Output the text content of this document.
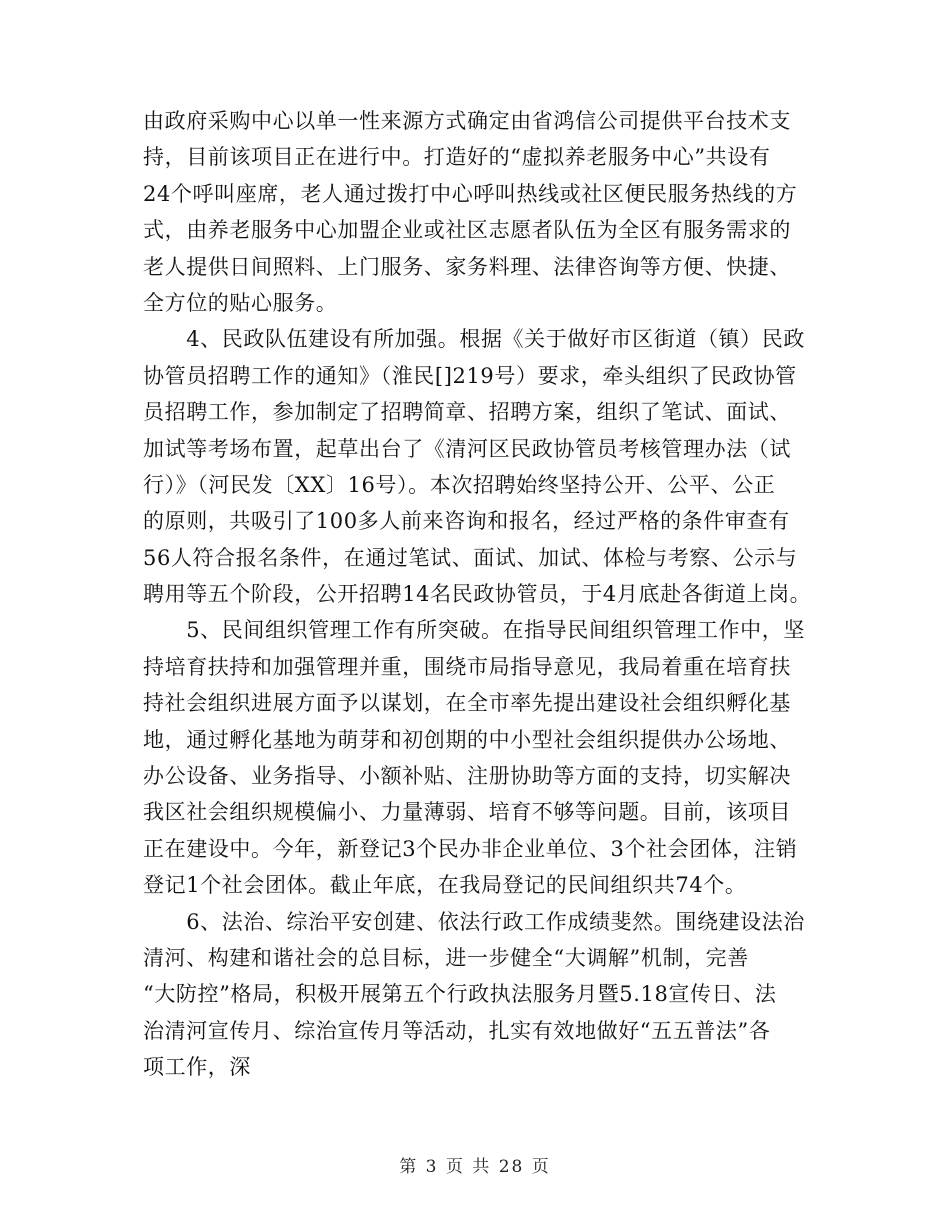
由政府采购中心以单一性来源方式确定由省鸿信公司提供平台技术支
持，目前该项目正在进行中。打造好的“虚拟养老服务中心”共设有
24个呼叫座席，老人通过拨打中心呼叫热线或社区便民服务热线的方
式，由养老服务中心加盟企业或社区志愿者队伍为全区有服务需求的
老人提供日间照料、上门服务、家务料理、法律咨询等方便、快捷、
全方位的贴心服务。
　　4、民政队伍建设有所加强。根据《关于做好市区街道（镇）民政
协管员招聘工作的通知》（淮民[]219号）要求，牵头组织了民政协管
员招聘工作，参加制定了招聘简章、招聘方案，组织了笔试、面试、
加试等考场布置，起草出台了《清河区民政协管员考核管理办法（试
行）》（河民发〔XX〕16号）。本次招聘始终坚持公开、公平、公正
的原则，共吸引了100多人前来咨询和报名，经过严格的条件审查有
56人符合报名条件，在通过笔试、面试、加试、体检与考察、公示与
聘用等五个阶段，公开招聘14名民政协管员，于4月底赴各街道上岗。
　　5、民间组织管理工作有所突破。在指导民间组织管理工作中，坚
持培育扶持和加强管理并重，围绕市局指导意见，我局着重在培育扶
持社会组织进展方面予以谋划，在全市率先提出建设社会组织孵化基
地，通过孵化基地为萌芽和初创期的中小型社会组织提供办公场地、
办公设备、业务指导、小额补贴、注册协助等方面的支持，切实解决
我区社会组织规模偏小、力量薄弱、培育不够等问题。目前，该项目
正在建设中。今年，新登记3个民办非企业单位、3个社会团体，注销
登记1个社会团体。截止年底，在我局登记的民间组织共74个。
　　6、法治、综治平安创建、依法行政工作成绩斐然。围绕建设法治
清河、构建和谐社会的总目标，进一步健全“大调解”机制，完善
“大防控”格局，积极开展第五个行政执法服务月暨5.18宣传日、法
治清河宣传月、综治宣传月等活动，扎实有效地做好“五五普法”各
项工作，深
第 3 页 共 28 页
